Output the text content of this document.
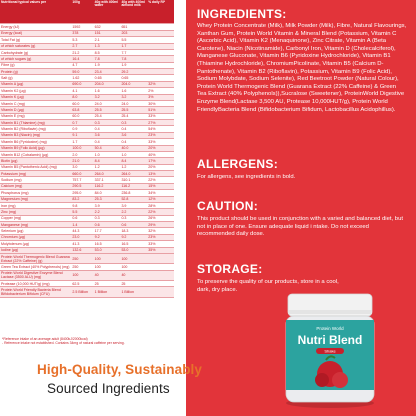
Nutritional typical values per	100g	40g with 400ml water	40g with 400ml almond milk	% daily RI*
Energy (kJ)	1592	632	651	
Energy (kcal)	378	151	203	
Total Fat (g)	5.3	2.1	5.5	
of which saturates (g)	2.7	1.3	1.7	
Carbohydrate (g)	21.2	8.5	7.7	
of which sugars (g)	16.4	7.8	7.8	
Fibre (g)	4.7	1.9	1.9	
Protein (g)	59.0	23.4	29.2	
Salt (g)	1.62	0.65	0.65	
Vitamin A (µg)	690.0	204.0	204.0	32%
Vitamin K2 (µg)	4.1	1.6	1.6	2%
Vitamin K (µg)	8.0	3.2	3.2	3%
Vitamin C (mg)	60.0	24.0	24.0	30%
Vitamin D (µg)	63.8	25.5	25.5	51%
Vitamin E (mg)	60.0	25.4	25.4	33%
Vitamin B1 (Thiamine) (mg)	0.7	0.3	0.3	27%
Vitamin B2 (Riboflavin) (mg)	0.9	0.4	0.4	54%
Vitamin B3 (Niacin) (mg)	9.1	3.6	3.6	23%
Vitamin B6 (Pyridoxine) (mg)	1.7	0.4	0.4	33%
Vitamin B9 (Folic Acid) (µg)	100.0	50.4	40.0	20%
Vitamin B12 (Cobalamin) (µg)	2.0	1.0	1.0	40%
Biotin (µg)	21.0	8.4	8.4	17%
Vitamin B5 (Pantothenic Acid) (mg)	3.0	1.2	1.2	20%
Potassium (mg)	660.0	264.0	264.0	13%
Sodium (mg)	757.7	337.1	310.1	22%
Calcium (mg)	290.5	116.2	116.2	15%
Phosphorus (mg)	295.0	84.0	236.8	34%
Magnesium (mg)	83.2	25.3	52.8	12%
Iron (mg)	9.8	3.9	3.9	28%
Zinc (mg)	5.5	2.2	2.2	22%
Copper (mg)	0.6	0.3	0.3	26%
Manganese (mg)	1.4	0.6	0.6	29%
Selenium (µg)	44.3	17.7	18.3	32%
Chromium (µg)	23.0	9.2	9.2	23%
Molybdenum (µg)	41.3	16.5	16.5	33%
Iodine (µg)	132.6	53.0	53.0	35%
Protein World Thermogenic Blend Guarana Extract (22% Caffeine) (g)	250	100	100	
Green Tea Extract (40% Polyphenols) (mg)	250	100	100	
Protein World Digestive Enzyme Blend Lactase (3500 ALU) (mg)	100	40	40	
Protease (10,000 HUT/g) (mg)	62.5	25	25	
Protein World Friendly Bacteria Blend Bifidobacterium Bifidum (CFU)	2.5 Billion	1 Billion	1 Billion	
*Reference intake of an average adult (8400kJ/2000kcal)
- Reference intake not established. Contains 34mg of natural caffeine per serving.
INGREDIENTS:
Whey Protein Concentrate (Milk), Milk Powder (Milk), Fibre, Natural Flavourings, Xanthan Gum, Protein World Vitamin & Mineral Blend (Potassium, Vitamin C (Ascorbic Acid), Vitamin K2 (Menaquinone), Zinc Citrate, Vitamin A (Beta Carotene), Niacin (Nicotinamide), Carbonyl Iron, Vitamin D (Cholecalciferol), Manganese Gluconate, Vitamin B6 (Pyridoxine Hydrochloride), Vitamin B1 (Thiamine Hydrochloride), ChromiumPicolinate, Vitamin B5 (Calcium D-Pantothenate), Vitamin B2 (Riboflavin), Potassium, Vitamin B9 (Folic Acid), Sodium Molybdate, Sodium Selenite), Red Beetroot Powder (Natural Colour), Protein World Thermogenic Blend (Guarana Extract (22% Caffeine) & Green Tea Extract (40% Polyphenols)),Sucralose (Sweetener), ProteinWorld Digestive Enzyme Blend(Lactase 3,500 AU, Protease 10,000HUT/g), Protein World FriendlyBacteria Blend (Bifidobacterium Bifidum, Lactobacillus Acidophillus).
ALLERGENS:
For allergens, see ingredients in bold.
CAUTION:
This product should be used in conjunction with a varied and balanced diet, but not in place of one. Ensure adequate liquid i ntake. Do not exceed recommended daily dose.
STORAGE:
To preserve the quality of our products, store in a cool, dark, dry place.
Protein World
Nutri Blend
Shake
High-Quality, Sustainably
Sourced Ingredients
